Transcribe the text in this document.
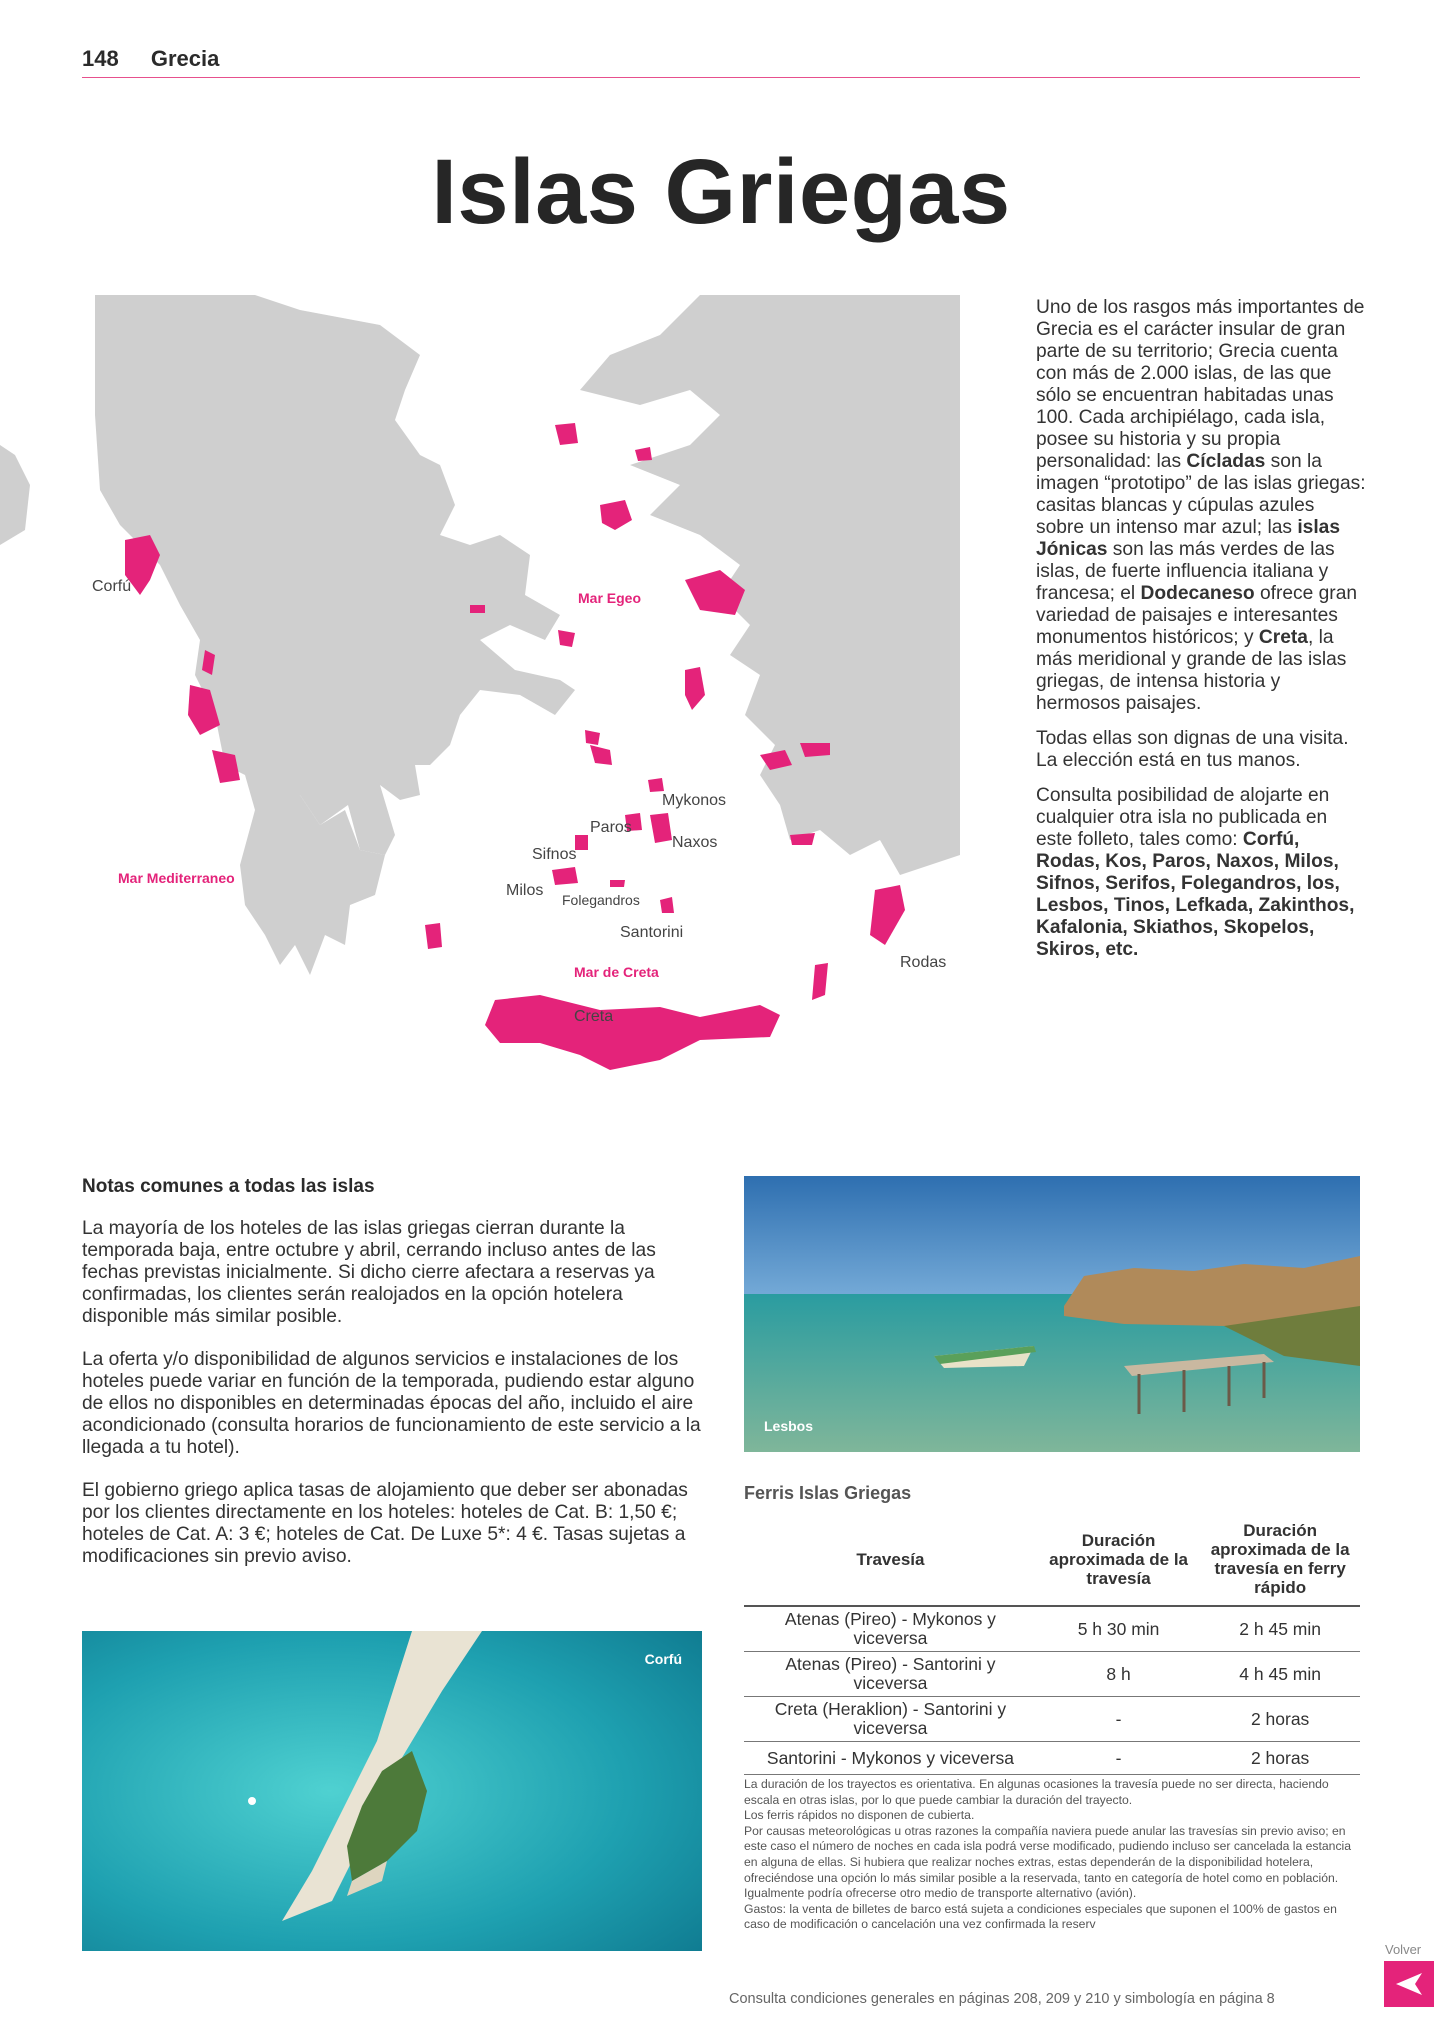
148 Grecia
Islas Griegas
Corfú
Mar Egeo
Mar Mediterraneo
Mykonos
Paros
Naxos
Sifnos
Milos
Folegandros
Santorini
Mar de Creta
Rodas
Creta

Uno de los rasgos más importantes de Grecia es el carácter insular de gran parte de su territorio; Grecia cuenta con más de 2.000 islas, de las que sólo se encuentran habitadas unas 100. Cada archipiélago, cada isla, posee su historia y su propia personalidad: las Cícladas son la imagen “prototipo” de las islas griegas: casitas blancas y cúpulas azules sobre un intenso mar azul; las islas Jónicas son las más verdes de las islas, de fuerte influencia italiana y francesa; el Dodecaneso ofrece gran variedad de paisajes e interesantes monumentos históricos; y Creta, la más meridional y grande de las islas griegas, de intensa historia y hermosos paisajes.

Todas ellas son dignas de una visita. La elección está en tus manos.

Consulta posibilidad de alojarte en cualquier otra isla no publicada en este folleto, tales como: Corfú, Rodas, Kos, Paros, Naxos, Milos, Sifnos, Serifos, Folegandros, los, Lesbos, Tinos, Lefkada, Zakinthos, Kafalonia, Skiathos, Skopelos, Skiros, etc.

Notas comunes a todas las islas

La mayoría de los hoteles de las islas griegas cierran durante la temporada baja, entre octubre y abril, cerrando incluso antes de las fechas previstas inicialmente. Si dicho cierre afectara a reservas ya confirmadas, los clientes serán realojados en la opción hotelera disponible más similar posible.

La oferta y/o disponibilidad de algunos servicios e instalaciones de los hoteles puede variar en función de la temporada, pudiendo estar alguno de ellos no disponibles en determinadas épocas del año, incluido el aire acondicionado (consulta horarios de funcionamiento de este servicio a la llegada a tu hotel).

El gobierno griego aplica tasas de alojamiento que deber ser abonadas por los clientes directamente en los hoteles: hoteles de Cat. B: 1,50 €; hoteles de Cat. A: 3 €; hoteles de Cat. De Luxe 5*: 4 €. Tasas sujetas a modificaciones sin previo aviso.

Lesbos
Corfú
Ferris Islas Griegas
Travesía	Duración aproximada de la travesía	Duración aproximada de la travesía en ferry rápido
Atenas (Pireo) - Mykonos y viceversa	5 h 30 min	2 h 45 min
Atenas (Pireo) - Santorini y viceversa	8 h	4 h 45 min
Creta (Heraklion) - Santorini y viceversa	-	2 horas
Santorini - Mykonos y viceversa	-	2 horas
La duración de los trayectos es orientativa. En algunas ocasiones la travesía puede no ser directa, haciendo escala en otras islas, por lo que puede cambiar la duración del trayecto.
Los ferris rápidos no disponen de cubierta.
Por causas meteorológicas u otras razones la compañía naviera puede anular las travesías sin previo aviso; en este caso el número de noches en cada isla podrá verse modificado, pudiendo incluso ser cancelada la estancia en alguna de ellas. Si hubiera que realizar noches extras, estas dependerán de la disponibilidad hotelera, ofreciéndose una opción lo más similar posible a la reservada, tanto en categoría de hotel como en población. Igualmente podría ofrecerse otro medio de transporte alternativo (avión).
Gastos: la venta de billetes de barco está sujeta a condiciones especiales que suponen el 100% de gastos en caso de modificación o cancelación una vez confirmada la reserv
Consulta condiciones generales en páginas 208, 209 y 210 y simbología en página 8
Volver
